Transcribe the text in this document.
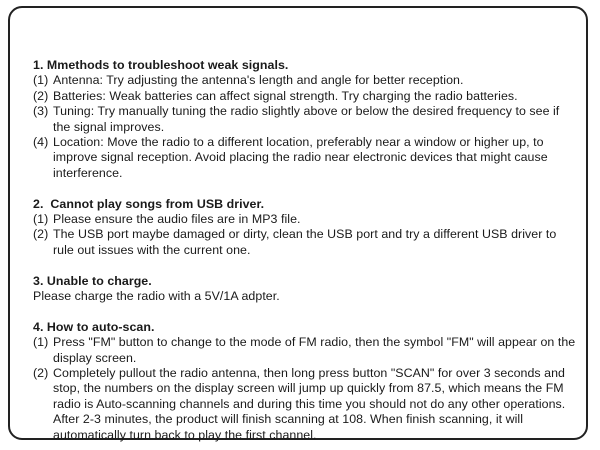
1. Mmethods to troubleshoot weak signals.
(1) Antenna: Try adjusting the antenna's length and angle for better reception.
(2) Batteries: Weak batteries can affect signal strength. Try charging the radio batteries.
(3) Tuning: Try manually tuning the radio slightly above or below the desired frequency to see if the signal improves.
(4) Location: Move the radio to a different location, preferably near a window or higher up, to improve signal reception. Avoid placing the radio near electronic devices that might cause interference.
2.  Cannot play songs from USB driver.
(1) Please ensure the audio files are in MP3 file.
(2) The USB port maybe damaged or dirty, clean the USB port and try a different USB driver to rule out issues with the current one.
3. Unable to charge.
Please charge the radio with a 5V/1A adpter.
4. How to auto-scan.
(1) Press "FM" button to change to the mode of FM radio, then the symbol "FM" will appear on the display screen.
(2) Completely pullout the radio antenna, then long press button "SCAN" for over 3 seconds and stop, the numbers on the display screen will jump up quickly from 87.5, which means the FM radio is Auto-scanning channels and during this time you should not do any other operations. After 2-3 minutes, the product will finish scanning at 108. When finish scanning, it will automatically turn back to play the first channel.
